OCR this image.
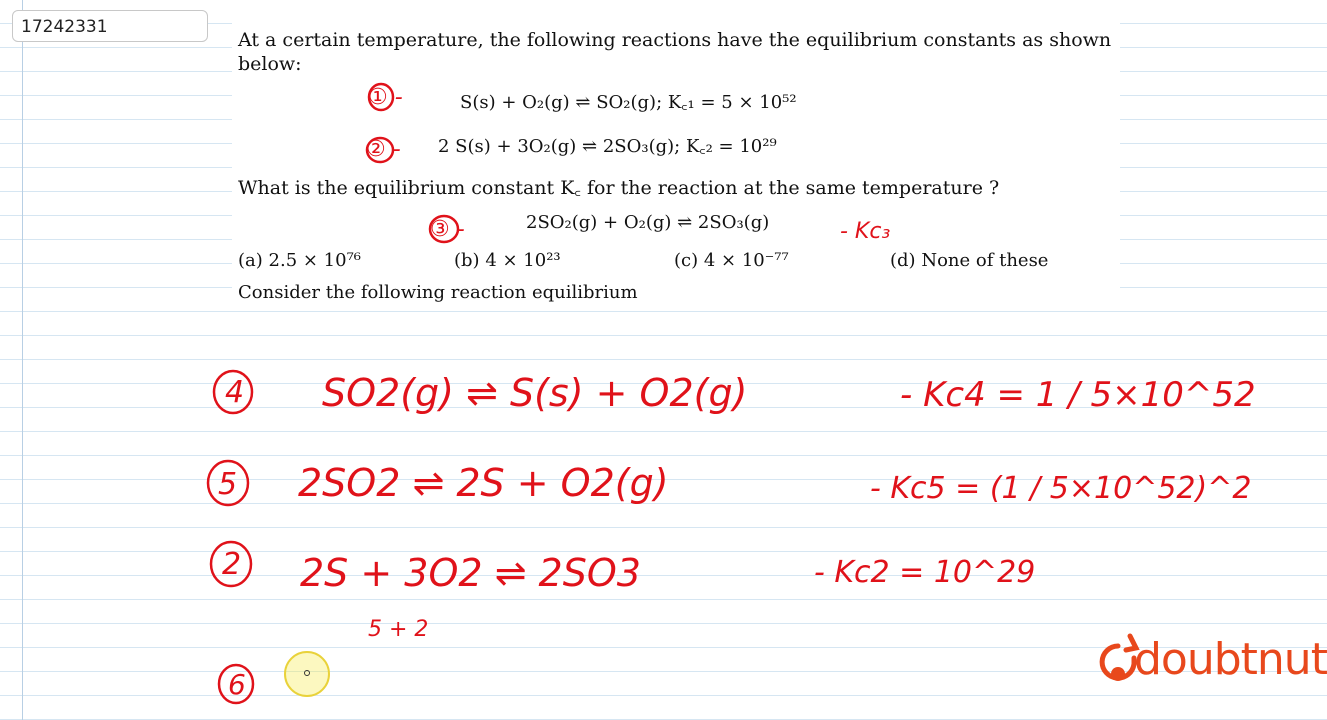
17242331
At a certain temperature, the following reactions have the equilibrium constants as shown
below:
S(s) + O₂(g) ⇌ SO₂(g); K꜀₁ = 5 × 10⁵²
2 S(s) + 3O₂(g) ⇌ 2SO₃(g); K꜀₂ = 10²⁹
What is the equilibrium constant K꜀ for the reaction at the same temperature ?
2SO₂(g) + O₂(g) ⇌ 2SO₃(g)
(a) 2.5 × 10⁷⁶	(b) 4 × 10²³	(c) 4 × 10⁻⁷⁷	(d) None of these
Consider the following reaction equilibrium
① -
② -
③ -	- Kc₃
4 SO2(g) ⇌ S(s) + O2(g)	- Kc4 = 1 / 5×10^52
5 2SO2 ⇌ 2S + O2(g)	- Kc5 = (1 / 5×10^52)^2
2 2S + 3O2 ⇌ 2SO3	- Kc2 = 10^29
5 + 2
6	doubtnut
